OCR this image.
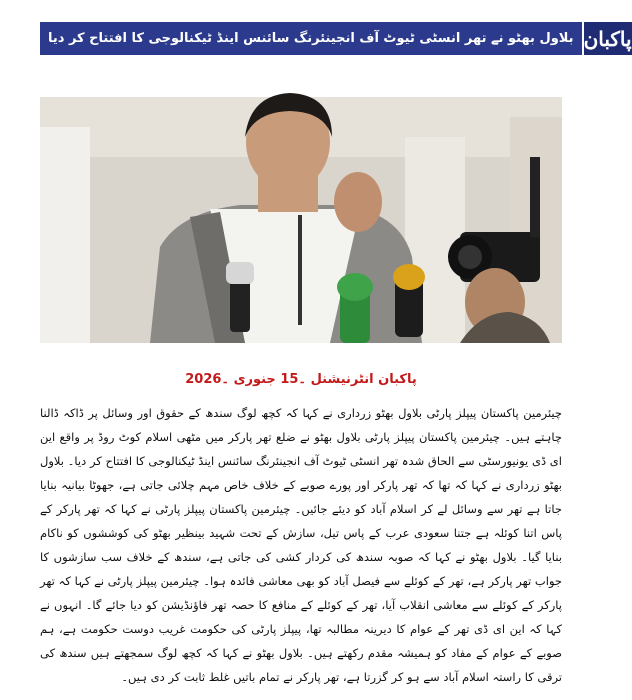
بلاول بھٹو نے تھر انسٹی ٹیوٹ آف انجینئرنگ سائنس اینڈ ٹیکنالوجی کا افتتاح کر دیا پاکبان
پاکبان انٹرنیشنل ۔15 جنوری ۔2026
چیئرمین پاکستان پیپلز پارٹی بلاول بھٹو زرداری نے کہا کہ کچھ لوگ سندھ کے حقوق اور وسائل پر ڈاکہ ڈالنا چاہتے ہیں۔ چیئرمین پاکستان پیپلز پارٹی بلاول بھٹو نے ضلع تھر پارکر میں مٹھی اسلام کوٹ روڈ پر واقع این ای ڈی یونیورسٹی سے الحاق شدہ تھر انسٹی ٹیوٹ آف انجینئرنگ سائنس اینڈ ٹیکنالوجی کا افتتاح کر دیا۔ بلاول بھٹو زرداری نے کہا کہ تھا کہ تھر پارکر اور پورے صوبے کے خلاف خاص مہم چلائی جاتی ہے، جھوٹا بیانیہ بنایا جاتا ہے تھر سے وسائل لے کر اسلام آباد کو دیئے جائیں۔ چیئرمین پاکستان پیپلز پارٹی نے کہا کہ تھر پارکر کے پاس اتنا کوئلہ ہے جتنا سعودی عرب کے پاس تیل، سازش کے تحت شہید بینظیر بھٹو کی کوششوں کو ناکام بنایا گیا۔ بلاول بھٹو نے کہا کہ صوبہ سندھ کی کردار کشی کی جاتی ہے، سندھ کے خلاف سب سازشوں کا جواب تھر پارکر ہے، تھر کے کوئلے سے فیصل آباد کو بھی معاشی فائدہ ہوا۔ چیئرمین پیپلز پارٹی نے کہا کہ تھر پارکر کے کوئلے سے معاشی انقلاب آیا، تھر کے کوئلے کے منافع کا حصہ تھر فاؤنڈیشن کو دیا جائے گا۔ انہوں نے کہا کہ این ای ڈی تھر کے عوام کا دیرینہ مطالبہ تھا، پیپلز پارٹی کی حکومت غریب دوست حکومت ہے، ہم صوبے کے عوام کے مفاد کو ہمیشہ مقدم رکھتے ہیں۔ بلاول بھٹو نے کہا کہ کچھ لوگ سمجھتے ہیں سندھ کی ترقی کا راستہ اسلام آباد سے ہو کر گزرتا ہے، تھر پارکر نے تمام باتیں غلط ثابت کر دی ہیں۔
